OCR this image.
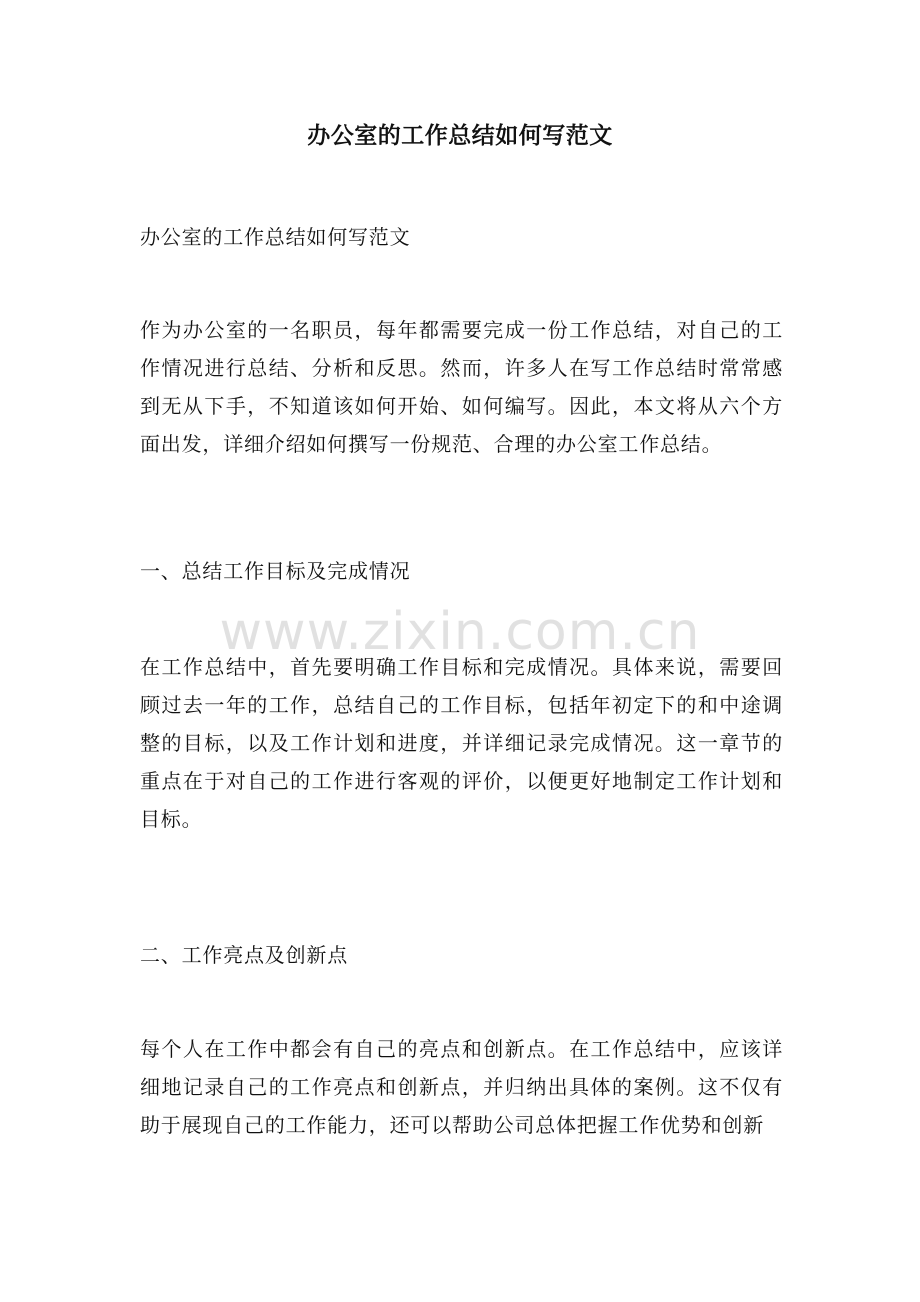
办公室的工作总结如何写范文
办公室的工作总结如何写范文
作为办公室的一名职员，每年都需要完成一份工作总结，对自己的工作情况进行总结、分析和反思。然而，许多人在写工作总结时常常感到无从下手，不知道该如何开始、如何编写。因此，本文将从六个方面出发，详细介绍如何撰写一份规范、合理的办公室工作总结。
一、总结工作目标及完成情况
在工作总结中，首先要明确工作目标和完成情况。具体来说，需要回顾过去一年的工作，总结自己的工作目标，包括年初定下的和中途调整的目标，以及工作计划和进度，并详细记录完成情况。这一章节的重点在于对自己的工作进行客观的评价，以便更好地制定工作计划和目标。
二、工作亮点及创新点
每个人在工作中都会有自己的亮点和创新点。在工作总结中，应该详细地记录自己的工作亮点和创新点，并归纳出具体的案例。这不仅有助于展现自己的工作能力，还可以帮助公司总体把握工作优势和创新
www.zixin.com.cn
